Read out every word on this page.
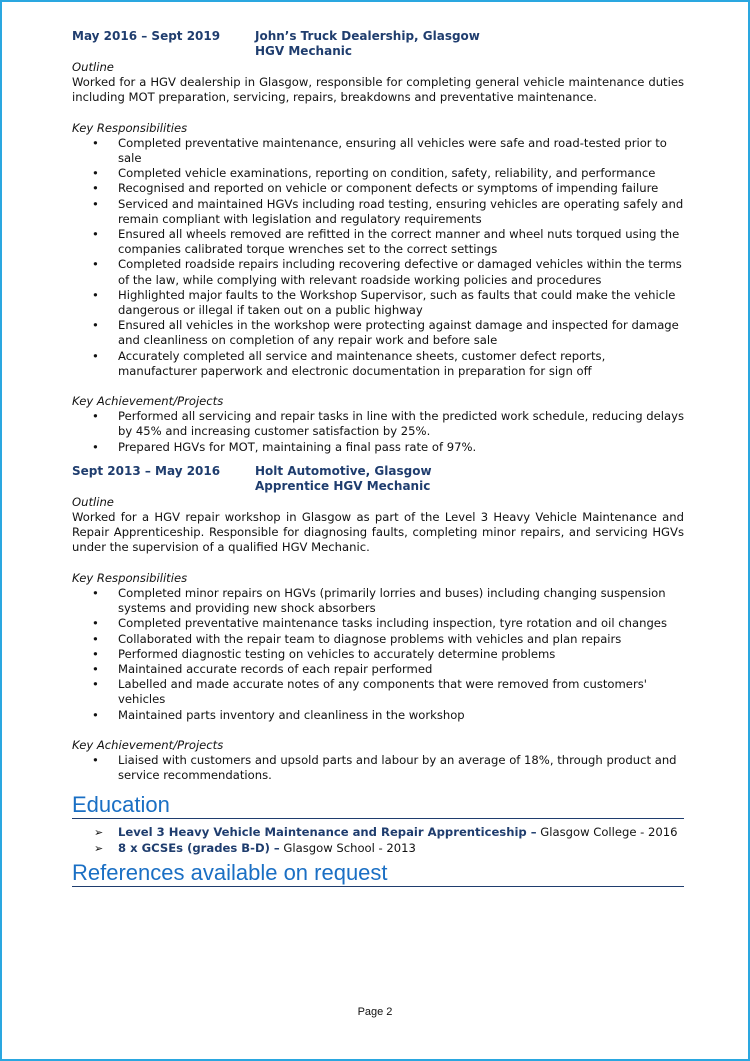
May 2016 – Sept 2019	John’s Truck Dealership, Glasgow
HGV Mechanic
Outline
Worked for a HGV dealership in Glasgow, responsible for completing general vehicle maintenance duties including MOT preparation, servicing, repairs, breakdowns and preventative maintenance.
Key Responsibilities
• Completed preventative maintenance, ensuring all vehicles were safe and road-tested prior to sale
• Completed vehicle examinations, reporting on condition, safety, reliability, and performance
• Recognised and reported on vehicle or component defects or symptoms of impending failure
• Serviced and maintained HGVs including road testing, ensuring vehicles are operating safely and remain compliant with legislation and regulatory requirements
• Ensured all wheels removed are refitted in the correct manner and wheel nuts torqued using the companies calibrated torque wrenches set to the correct settings
• Completed roadside repairs including recovering defective or damaged vehicles within the terms of the law, while complying with relevant roadside working policies and procedures
• Highlighted major faults to the Workshop Supervisor, such as faults that could make the vehicle dangerous or illegal if taken out on a public highway
• Ensured all vehicles in the workshop were protecting against damage and inspected for damage and cleanliness on completion of any repair work and before sale
• Accurately completed all service and maintenance sheets, customer defect reports, manufacturer paperwork and electronic documentation in preparation for sign off
Key Achievement/Projects
• Performed all servicing and repair tasks in line with the predicted work schedule, reducing delays by 45% and increasing customer satisfaction by 25%.
• Prepared HGVs for MOT, maintaining a final pass rate of 97%.
Sept 2013 – May 2016	Holt Automotive, Glasgow
Apprentice HGV Mechanic
Outline
Worked for a HGV repair workshop in Glasgow as part of the Level 3 Heavy Vehicle Maintenance and Repair Apprenticeship. Responsible for diagnosing faults, completing minor repairs, and servicing HGVs under the supervision of a qualified HGV Mechanic.
Key Responsibilities
• Completed minor repairs on HGVs (primarily lorries and buses) including changing suspension systems and providing new shock absorbers
• Completed preventative maintenance tasks including inspection, tyre rotation and oil changes
• Collaborated with the repair team to diagnose problems with vehicles and plan repairs
• Performed diagnostic testing on vehicles to accurately determine problems
• Maintained accurate records of each repair performed
• Labelled and made accurate notes of any components that were removed from customers' vehicles
• Maintained parts inventory and cleanliness in the workshop
Key Achievement/Projects
• Liaised with customers and upsold parts and labour by an average of 18%, through product and service recommendations.
Education
➢ Level 3 Heavy Vehicle Maintenance and Repair Apprenticeship – Glasgow College - 2016
➢ 8 x GCSEs (grades B-D) – Glasgow School - 2013
References available on request
Page 2
